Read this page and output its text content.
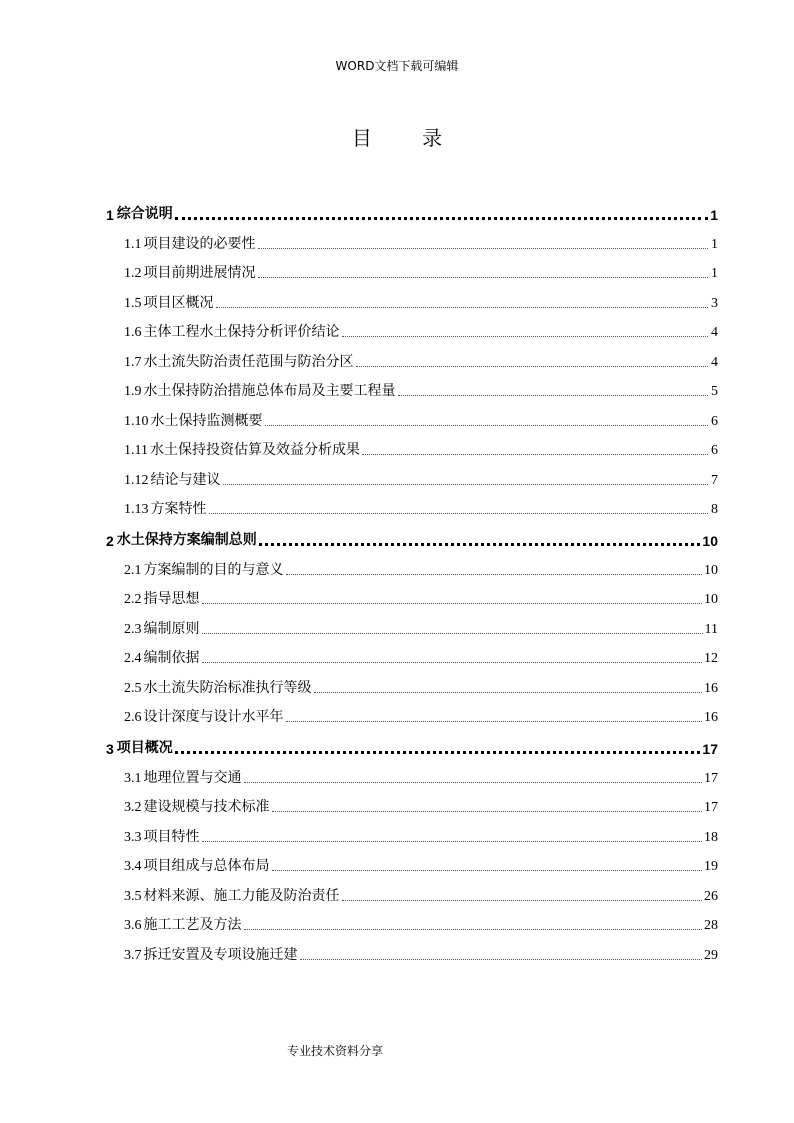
WORD文档下载可编辑
目 录
1 综合说明	1
1.1 项目建设的必要性	1
1.2 项目前期进展情况	1
1.5 项目区概况	3
1.6 主体工程水土保持分析评价结论	4
1.7 水土流失防治责任范围与防治分区	4
1.9 水土保持防治措施总体布局及主要工程量	5
1.10 水土保持监测概要	6
1.11 水土保持投资估算及效益分析成果	6
1.12 结论与建议	7
1.13 方案特性	8
2 水土保持方案编制总则	10
2.1 方案编制的目的与意义	10
2.2 指导思想	10
2.3 编制原则	11
2.4 编制依据	12
2.5 水土流失防治标准执行等级	16
2.6 设计深度与设计水平年	16
3 项目概况	17
3.1 地理位置与交通	17
3.2 建设规模与技术标准	17
3.3 项目特性	18
3.4 项目组成与总体布局	19
3.5 材料来源、施工力能及防治责任	26
3.6 施工工艺及方法	28
3.7 拆迁安置及专项设施迁建	29
专业技术资料分享
